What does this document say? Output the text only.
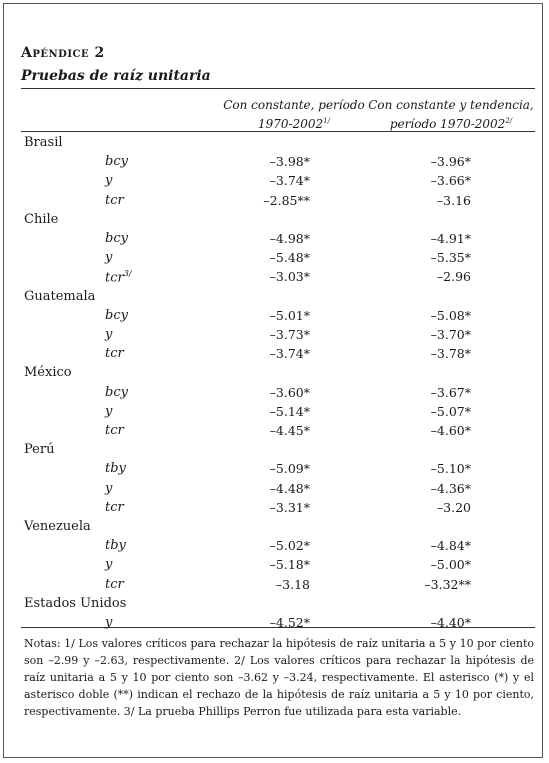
Apéndice 2
Pruebas de raíz unitaria
Con constante, período
$1970-2002^{1/}$
Con constante y tendencia,
período $1970-2002^{2/}$
Brasil
bcy	–3.98*	–3.96*
y	–3.74*	–3.66*
tcr	–2.85**	–3.16
Chile
bcy	–4.98*	–4.91*
y	–5.48*	–5.35*
tcr$^{3/}$	–3.03*	–2.96
Guatemala
bcy	–5.01*	–5.08*
y	–3.73*	–3.70*
tcr	–3.74*	–3.78*
México
bcy	–3.60*	–3.67*
y	–5.14*	–5.07*
tcr	–4.45*	–4.60*
Perú
tby	–5.09*	–5.10*
y	–4.48*	–4.36*
tcr	–3.31*	–3.20
Venezuela
tby	–5.02*	–4.84*
y	–5.18*	–5.00*
tcr	–3.18	–3.32**
Estados Unidos
y	–4.52*	–4.40*
Notas: 1/ Los valores críticos para rechazar la hipótesis de raíz unitaria a 5 y 10 por ciento son –2.99 y –2.63, respectivamente. 2/ Los valores críticos para rechazar la hipótesis de raíz unitaria a 5 y 10 por ciento son –3.62 y –3.24, respectivamente. El asterisco (*) y el asterisco doble (**) indican el rechazo de la hipótesis de raíz unitaria a 5 y 10 por ciento, respectivamente. 3/ La prueba Phillips Perron fue utilizada para esta variable.
